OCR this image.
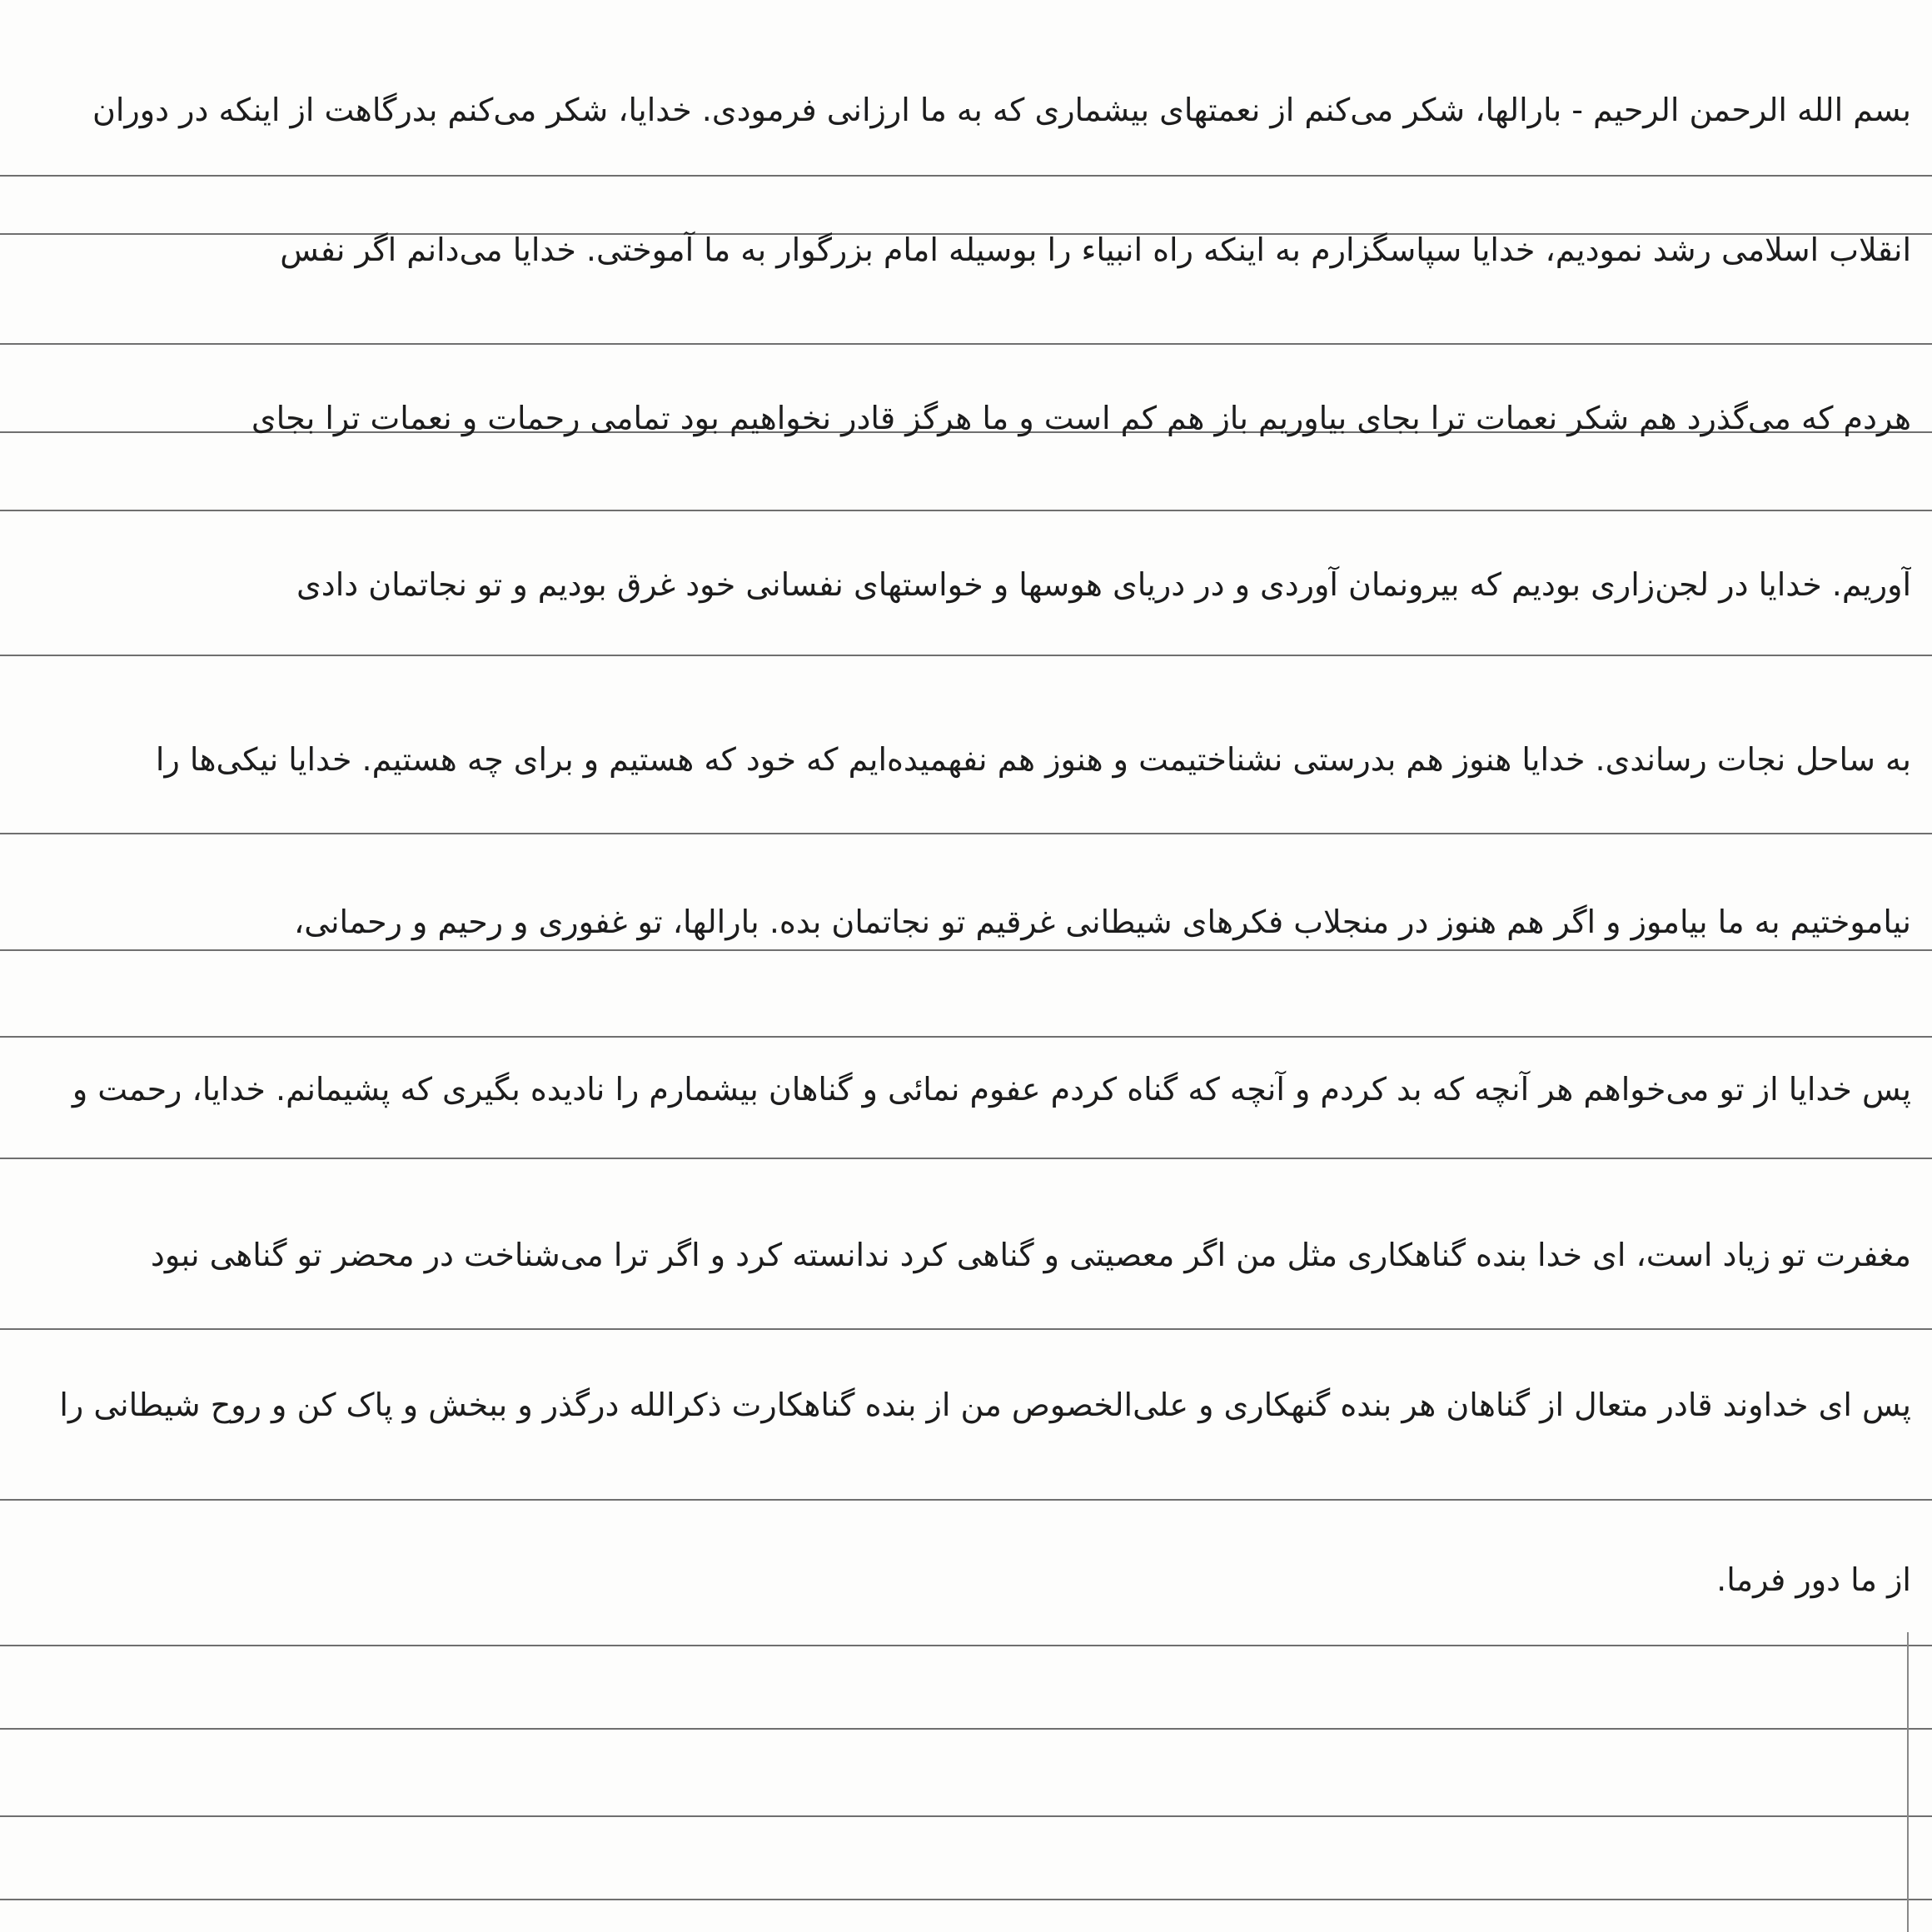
بسم الله الرحمن الرحیم - بارالها، شکر می‌کنم از نعمتهای بیشماری که به ما ارزانی فرمودی. خدایا، شکر می‌کنم بدرگاهت از اینکه در دوران
انقلاب اسلامی رشد نمودیم، خدایا سپاسگزارم به اینکه راه انبیاء را بوسیله امام بزرگوار به ما آموختی. خدایا می‌دانم اگر نفس
هردم که می‌گذرد هم شکر نعمات ترا بجای بیاوریم باز هم کم است و ما هرگز قادر نخواهیم بود تمامی رحمات و نعمات ترا بجای
آوریم. خدایا در لجن‌زاری بودیم که بیرونمان آوردی و در دریای هوسها و خواستهای نفسانی خود غرق بودیم و تو نجاتمان دادی
به ساحل نجات رساندی. خدایا هنوز هم بدرستی نشناختیمت و هنوز هم نفهمیده‌ایم که خود که هستیم و برای چه هستیم. خدایا نیکی‌ها را
نیاموختیم به ما بیاموز و اگر هم هنوز در منجلاب فکرهای شیطانی غرقیم تو نجاتمان بده. بارالها، تو غفوری و رحیم و رحمانی،
پس خدایا از تو می‌خواهم هر آنچه که بد کردم و آنچه که گناه کردم عفوم نمائی و گناهان بیشمارم را نادیده بگیری که پشیمانم. خدایا، رحمت و
مغفرت تو زیاد است، ای خدا بنده گناهکاری مثل من اگر معصیتی و گناهی کرد ندانسته کرد و اگر ترا می‌شناخت در محضر تو گناهی نبود
پس ای خداوند قادر متعال از گناهان هر بنده گنهکاری و علی‌الخصوص من از بنده گناهکارت ذکرالله درگذر و ببخش و پاک کن و روح شیطانی را
از ما دور فرما.
